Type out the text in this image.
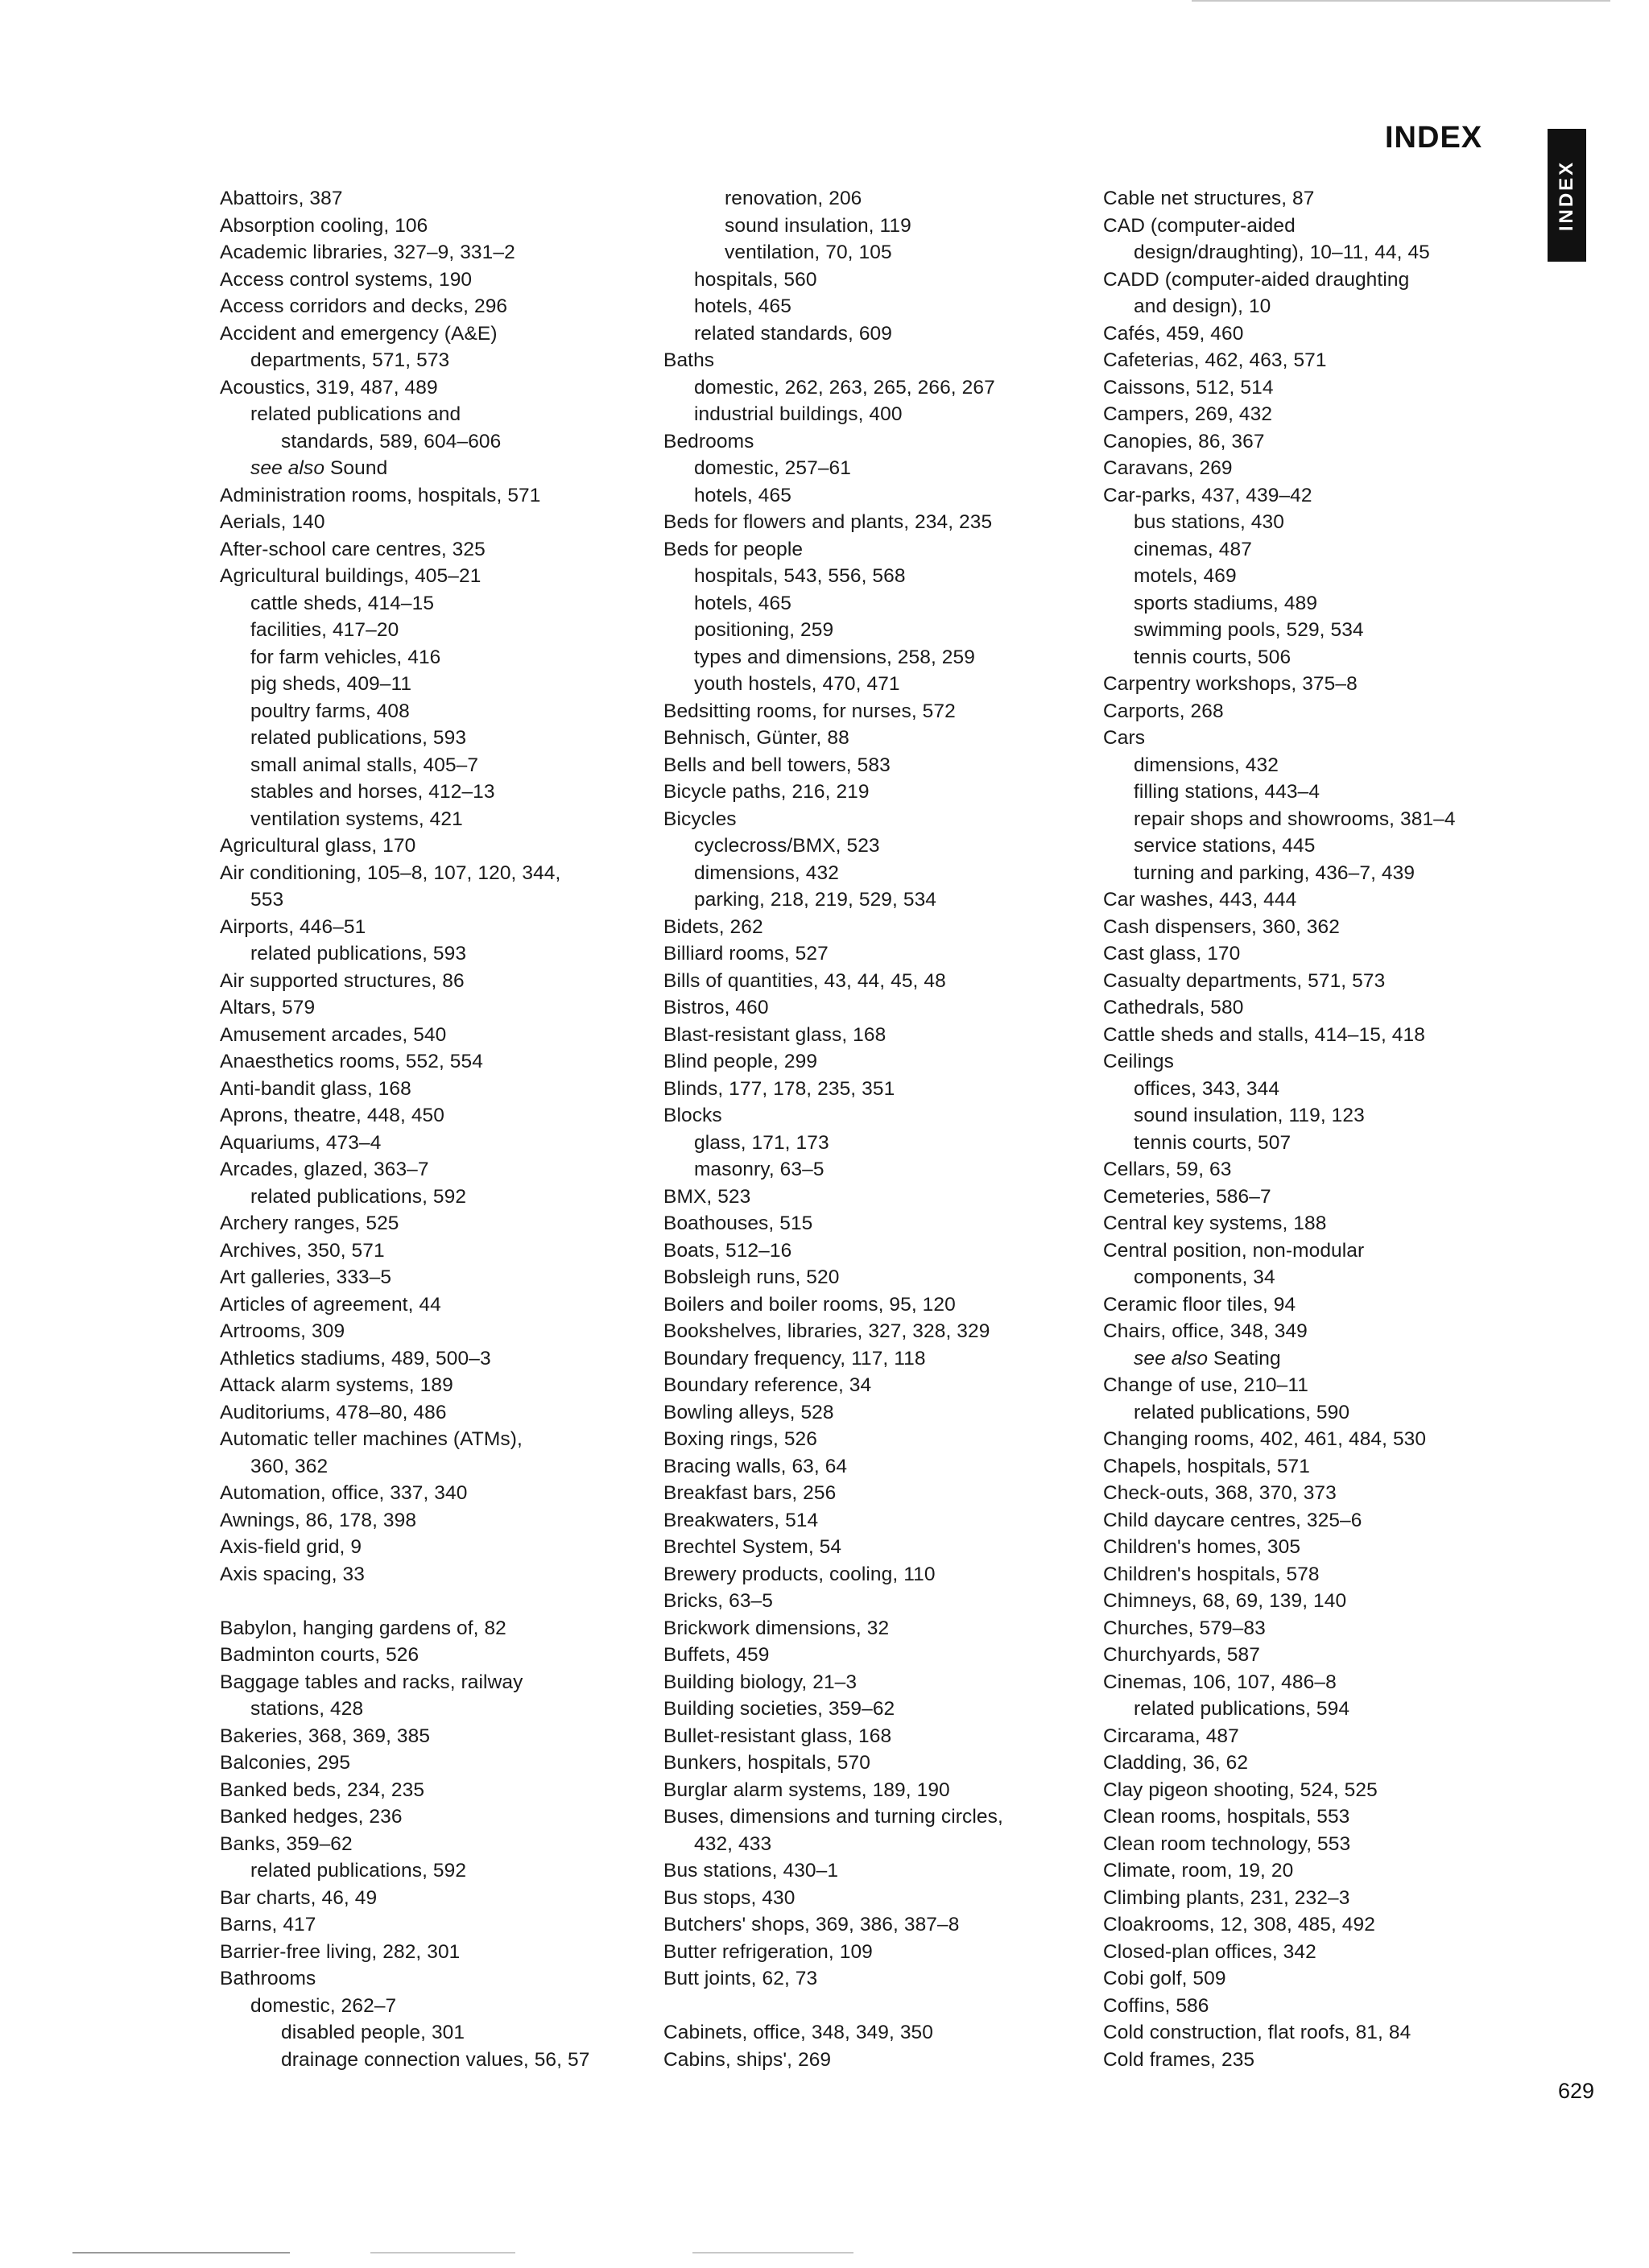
INDEX
INDEX
Abattoirs, 387
Absorption cooling, 106
Academic libraries, 327–9, 331–2
Access control systems, 190
Access corridors and decks, 296
Accident and emergency (A&E)
departments, 571, 573
Acoustics, 319, 487, 489
related publications and
standards, 589, 604–606
see also Sound
Administration rooms, hospitals, 571
Aerials, 140
After-school care centres, 325
Agricultural buildings, 405–21
cattle sheds, 414–15
facilities, 417–20
for farm vehicles, 416
pig sheds, 409–11
poultry farms, 408
related publications, 593
small animal stalls, 405–7
stables and horses, 412–13
ventilation systems, 421
Agricultural glass, 170
Air conditioning, 105–8, 107, 120, 344,
553
Airports, 446–51
related publications, 593
Air supported structures, 86
Altars, 579
Amusement arcades, 540
Anaesthetics rooms, 552, 554
Anti-bandit glass, 168
Aprons, theatre, 448, 450
Aquariums, 473–4
Arcades, glazed, 363–7
related publications, 592
Archery ranges, 525
Archives, 350, 571
Art galleries, 333–5
Articles of agreement, 44
Artrooms, 309
Athletics stadiums, 489, 500–3
Attack alarm systems, 189
Auditoriums, 478–80, 486
Automatic teller machines (ATMs),
360, 362
Automation, office, 337, 340
Awnings, 86, 178, 398
Axis-field grid, 9
Axis spacing, 33
Babylon, hanging gardens of, 82
Badminton courts, 526
Baggage tables and racks, railway
stations, 428
Bakeries, 368, 369, 385
Balconies, 295
Banked beds, 234, 235
Banked hedges, 236
Banks, 359–62
related publications, 592
Bar charts, 46, 49
Barns, 417
Barrier-free living, 282, 301
Bathrooms
domestic, 262–7
disabled people, 301
drainage connection values, 56, 57
renovation, 206
sound insulation, 119
ventilation, 70, 105
hospitals, 560
hotels, 465
related standards, 609
Baths
domestic, 262, 263, 265, 266, 267
industrial buildings, 400
Bedrooms
domestic, 257–61
hotels, 465
Beds for flowers and plants, 234, 235
Beds for people
hospitals, 543, 556, 568
hotels, 465
positioning, 259
types and dimensions, 258, 259
youth hostels, 470, 471
Bedsitting rooms, for nurses, 572
Behnisch, Günter, 88
Bells and bell towers, 583
Bicycle paths, 216, 219
Bicycles
cyclecross/BMX, 523
dimensions, 432
parking, 218, 219, 529, 534
Bidets, 262
Billiard rooms, 527
Bills of quantities, 43, 44, 45, 48
Bistros, 460
Blast-resistant glass, 168
Blind people, 299
Blinds, 177, 178, 235, 351
Blocks
glass, 171, 173
masonry, 63–5
BMX, 523
Boathouses, 515
Boats, 512–16
Bobsleigh runs, 520
Boilers and boiler rooms, 95, 120
Bookshelves, libraries, 327, 328, 329
Boundary frequency, 117, 118
Boundary reference, 34
Bowling alleys, 528
Boxing rings, 526
Bracing walls, 63, 64
Breakfast bars, 256
Breakwaters, 514
Brechtel System, 54
Brewery products, cooling, 110
Bricks, 63–5
Brickwork dimensions, 32
Buffets, 459
Building biology, 21–3
Building societies, 359–62
Bullet-resistant glass, 168
Bunkers, hospitals, 570
Burglar alarm systems, 189, 190
Buses, dimensions and turning circles,
432, 433
Bus stations, 430–1
Bus stops, 430
Butchers' shops, 369, 386, 387–8
Butter refrigeration, 109
Butt joints, 62, 73
Cabinets, office, 348, 349, 350
Cabins, ships', 269
Cable net structures, 87
CAD (computer-aided
design/draughting), 10–11, 44, 45
CADD (computer-aided draughting
and design), 10
Cafés, 459, 460
Cafeterias, 462, 463, 571
Caissons, 512, 514
Campers, 269, 432
Canopies, 86, 367
Caravans, 269
Car-parks, 437, 439–42
bus stations, 430
cinemas, 487
motels, 469
sports stadiums, 489
swimming pools, 529, 534
tennis courts, 506
Carpentry workshops, 375–8
Carports, 268
Cars
dimensions, 432
filling stations, 443–4
repair shops and showrooms, 381–4
service stations, 445
turning and parking, 436–7, 439
Car washes, 443, 444
Cash dispensers, 360, 362
Cast glass, 170
Casualty departments, 571, 573
Cathedrals, 580
Cattle sheds and stalls, 414–15, 418
Ceilings
offices, 343, 344
sound insulation, 119, 123
tennis courts, 507
Cellars, 59, 63
Cemeteries, 586–7
Central key systems, 188
Central position, non-modular
components, 34
Ceramic floor tiles, 94
Chairs, office, 348, 349
see also Seating
Change of use, 210–11
related publications, 590
Changing rooms, 402, 461, 484, 530
Chapels, hospitals, 571
Check-outs, 368, 370, 373
Child daycare centres, 325–6
Children's homes, 305
Children's hospitals, 578
Chimneys, 68, 69, 139, 140
Churches, 579–83
Churchyards, 587
Cinemas, 106, 107, 486–8
related publications, 594
Circarama, 487
Cladding, 36, 62
Clay pigeon shooting, 524, 525
Clean rooms, hospitals, 553
Clean room technology, 553
Climate, room, 19, 20
Climbing plants, 231, 232–3
Cloakrooms, 12, 308, 485, 492
Closed-plan offices, 342
Cobi golf, 509
Coffins, 586
Cold construction, flat roofs, 81, 84
Cold frames, 235
629
